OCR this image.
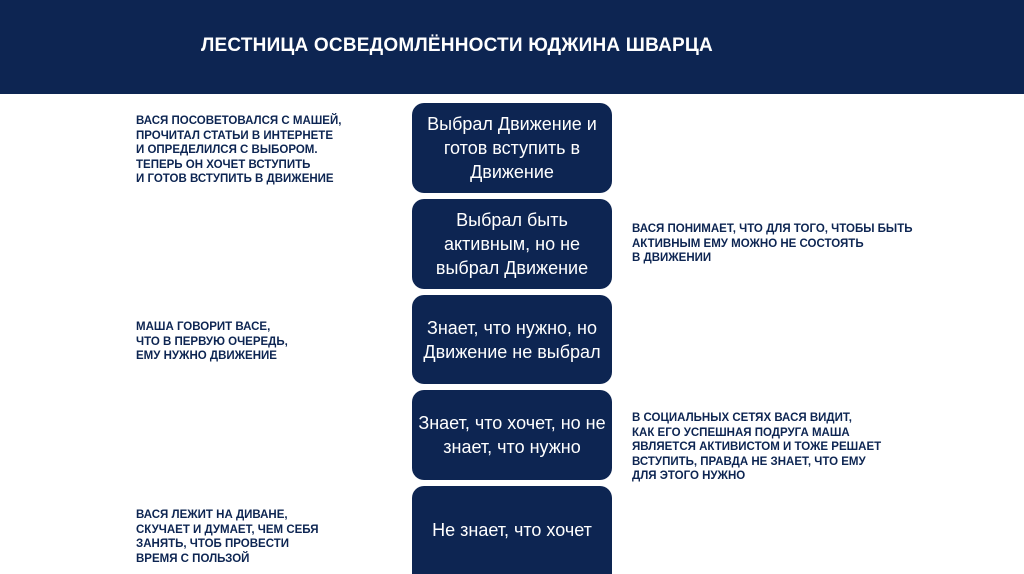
ЛЕСТНИЦА ОСВЕДОМЛЁННОСТИ ЮДЖИНА ШВАРЦА
Выбрал Движение и готов вступить в Движение
Выбрал быть активным, но не выбрал Движение
Знает, что нужно, но Движение не выбрал
Знает, что хочет, но не знает, что нужно
Не знает, что хочет
ВАСЯ ПОСОВЕТОВАЛСЯ С МАШЕЙ,
ПРОЧИТАЛ СТАТЬИ В ИНТЕРНЕТЕ
И ОПРЕДЕЛИЛСЯ С ВЫБОРОМ.
ТЕПЕРЬ ОН ХОЧЕТ ВСТУПИТЬ
И ГОТОВ ВСТУПИТЬ В ДВИЖЕНИЕ
ВАСЯ ПОНИМАЕТ, ЧТО ДЛЯ ТОГО, ЧТОБЫ БЫТЬ
АКТИВНЫМ ЕМУ МОЖНО НЕ СОСТОЯТЬ
В ДВИЖЕНИИ
МАША ГОВОРИТ ВАСЕ,
ЧТО В ПЕРВУЮ ОЧЕРЕДЬ,
ЕМУ НУЖНО ДВИЖЕНИЕ
В СОЦИАЛЬНЫХ СЕТЯХ ВАСЯ ВИДИТ,
КАК ЕГО УСПЕШНАЯ ПОДРУГА МАША
ЯВЛЯЕТСЯ АКТИВИСТОМ И ТОЖЕ РЕШАЕТ
ВСТУПИТЬ, ПРАВДА НЕ ЗНАЕТ, ЧТО ЕМУ
ДЛЯ ЭТОГО НУЖНО
ВАСЯ ЛЕЖИТ НА ДИВАНЕ,
СКУЧАЕТ И ДУМАЕТ, ЧЕМ СЕБЯ
ЗАНЯТЬ, ЧТОБ ПРОВЕСТИ
ВРЕМЯ С ПОЛЬЗОЙ
